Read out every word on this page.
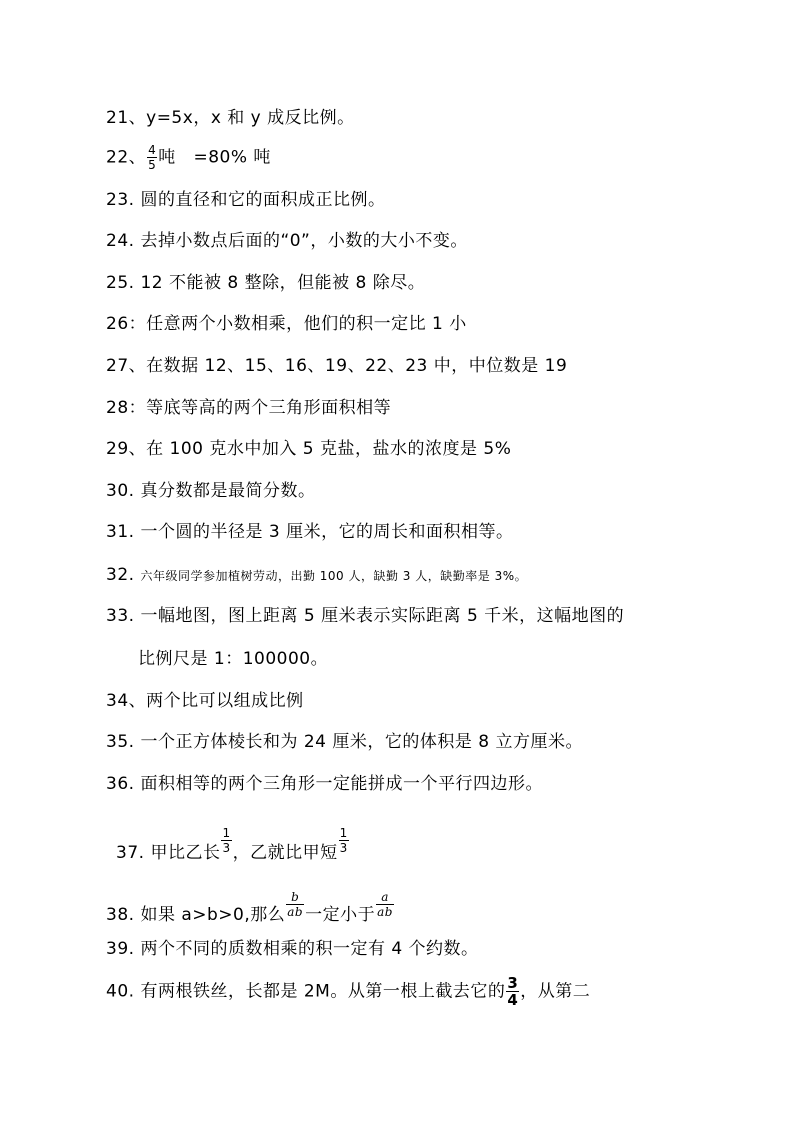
21、y=5x，x 和 y 成反比例。
22、 $\frac{4}{5}$ 吨   =80% 吨
23. 圆的直径和它的面积成正比例。
24. 去掉小数点后面的“0”，小数的大小不变。
25. 12 不能被 8 整除，但能被 8 除尽。
26：任意两个小数相乘，他们的积一定比 1 小
27、在数据 12、15、16、19、22、23 中，中位数是 19
28：等底等高的两个三角形面积相等
29、在 100 克水中加入 5 克盐，盐水的浓度是 5%
30. 真分数都是最简分数。
31. 一个圆的半径是 3 厘米，它的周长和面积相等。
32. 六年级同学参加植树劳动，出勤 100 人，缺勤 3 人，缺勤率是 3%。
33. 一幅地图，图上距离 5 厘米表示实际距离 5 千米，这幅地图的
比例尺是 1：100000。
34、两个比可以组成比例
35. 一个正方体棱长和为 24 厘米，它的体积是 8 立方厘米。
36. 面积相等的两个三角形一定能拼成一个平行四边形。
37. 甲比乙长 $\frac{1}{3}$ ，乙就比甲短 $\frac{1}{3}$
38. 如果 a>b>0,那么 $\frac{b}{ab}$ 一定小于 $\frac{a}{ab}$
39. 两个不同的质数相乘的积一定有 4 个约数。
40. 有两根铁丝，长都是 2M。从第一根上截去它的 $\frac{3}{4}$ ，从第二
